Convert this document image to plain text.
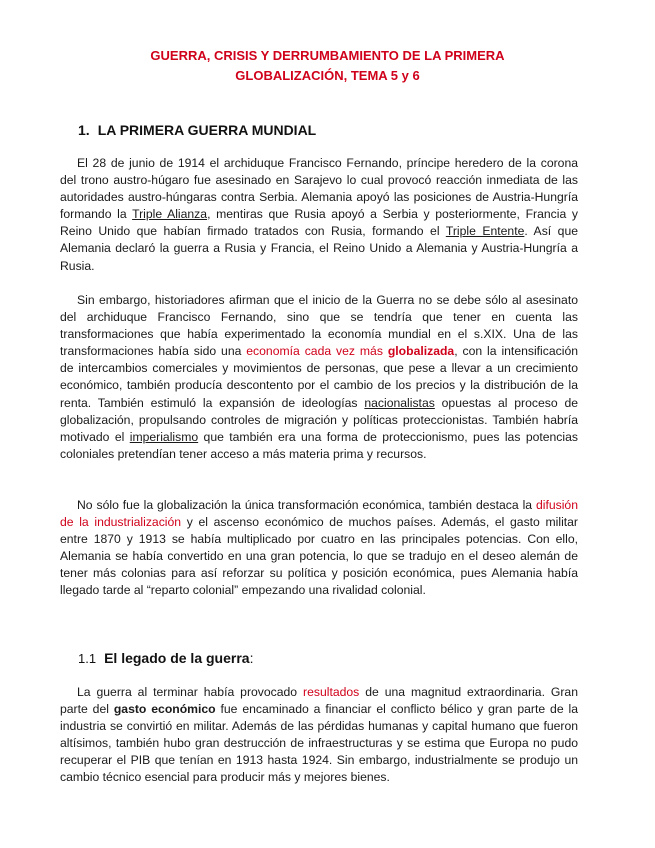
GUERRA, CRISIS Y DERRUMBAMIENTO DE LA PRIMERA
GLOBALIZACIÓN, TEMA 5 y 6
1. LA PRIMERA GUERRA MUNDIAL

El 28 de junio de 1914 el archiduque Francisco Fernando, príncipe heredero de la corona del trono austro-húgaro fue asesinado en Sarajevo lo cual provocó reacción inmediata de las autoridades austro-húngaras contra Serbia. Alemania apoyó las posiciones de Austria-Hungría formando la Triple Alianza, mentiras que Rusia apoyó a Serbia y posteriormente, Francia y Reino Unido que habían firmado tratados con Rusia, formando el Triple Entente. Así que Alemania declaró la guerra a Rusia y Francia, el Reino Unido a Alemania y Austria-Hungría a Rusia.

Sin embargo, historiadores afirman que el inicio de la Guerra no se debe sólo al asesinato del archiduque Francisco Fernando, sino que se tendría que tener en cuenta las transformaciones que había experimentado la economía mundial en el s.XIX. Una de las transformaciones había sido una economía cada vez más globalizada, con la intensificación de intercambios comerciales y movimientos de personas, que pese a llevar a un crecimiento económico, también producía descontento por el cambio de los precios y la distribución de la renta. También estimuló la expansión de ideologías nacionalistas opuestas al proceso de globalización, propulsando controles de migración y políticas proteccionistas. También habría motivado el imperialismo que también era una forma de proteccionismo, pues las potencias coloniales pretendían tener acceso a más materia prima y recursos.

No sólo fue la globalización la única transformación económica, también destaca la difusión de la industrialización y el ascenso económico de muchos países. Además, el gasto militar entre 1870 y 1913 se había multiplicado por cuatro en las principales potencias. Con ello, Alemania se había convertido en una gran potencia, lo que se tradujo en el deseo alemán de tener más colonias para así reforzar su política y posición económica, pues Alemania había llegado tarde al “reparto colonial” empezando una rivalidad colonial.

1.1 El legado de la guerra:

La guerra al terminar había provocado resultados de una magnitud extraordinaria. Gran parte del gasto económico fue encaminado a financiar el conflicto bélico y gran parte de la industria se convirtió en militar. Además de las pérdidas humanas y capital humano que fueron altísimos, también hubo gran destrucción de infraestructuras y se estima que Europa no pudo recuperar el PIB que tenían en 1913 hasta 1924. Sin embargo, industrialmente se produjo un cambio técnico esencial para producir más y mejores bienes.
